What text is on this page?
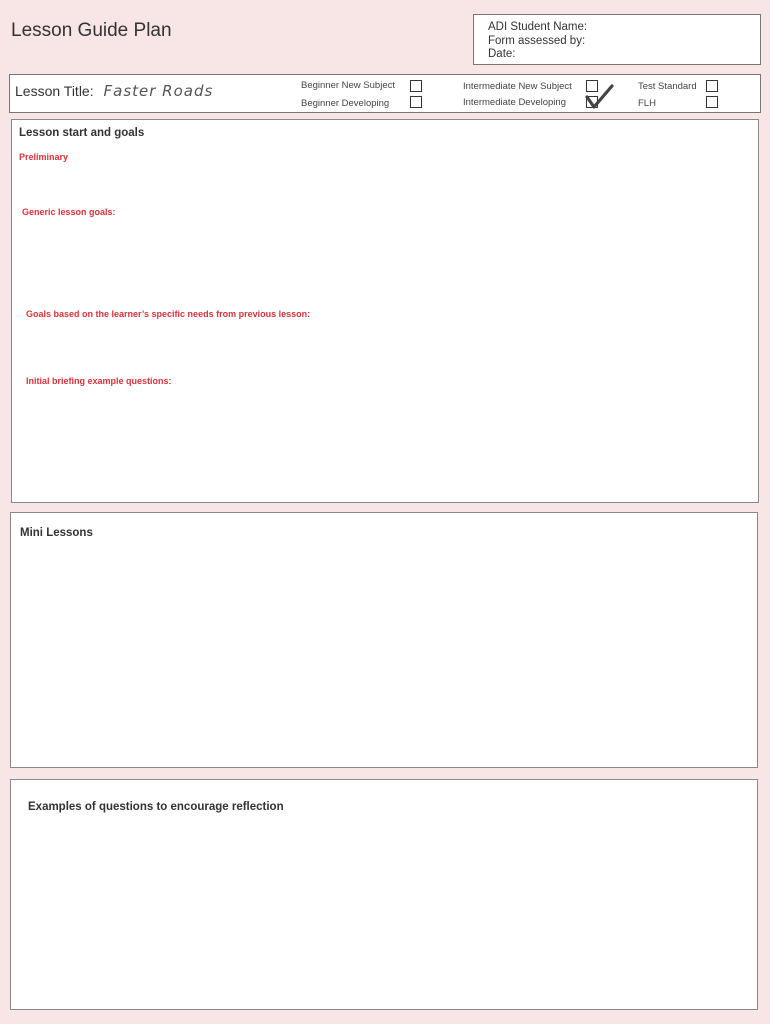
Lesson Guide Plan	ADI Student Name:
Form assessed by:
Date:
Lesson Title: Faster Roads	Beginner New Subject
Beginner Developing
Intermediate New Subject
Intermediate Developing
Test Standard
FLH
Lesson start and goals
Preliminary
Generic lesson goals:
Goals based on the learner’s specific needs from previous lesson:
Initial briefing example questions:
Mini Lessons
Examples of questions to encourage reflection
